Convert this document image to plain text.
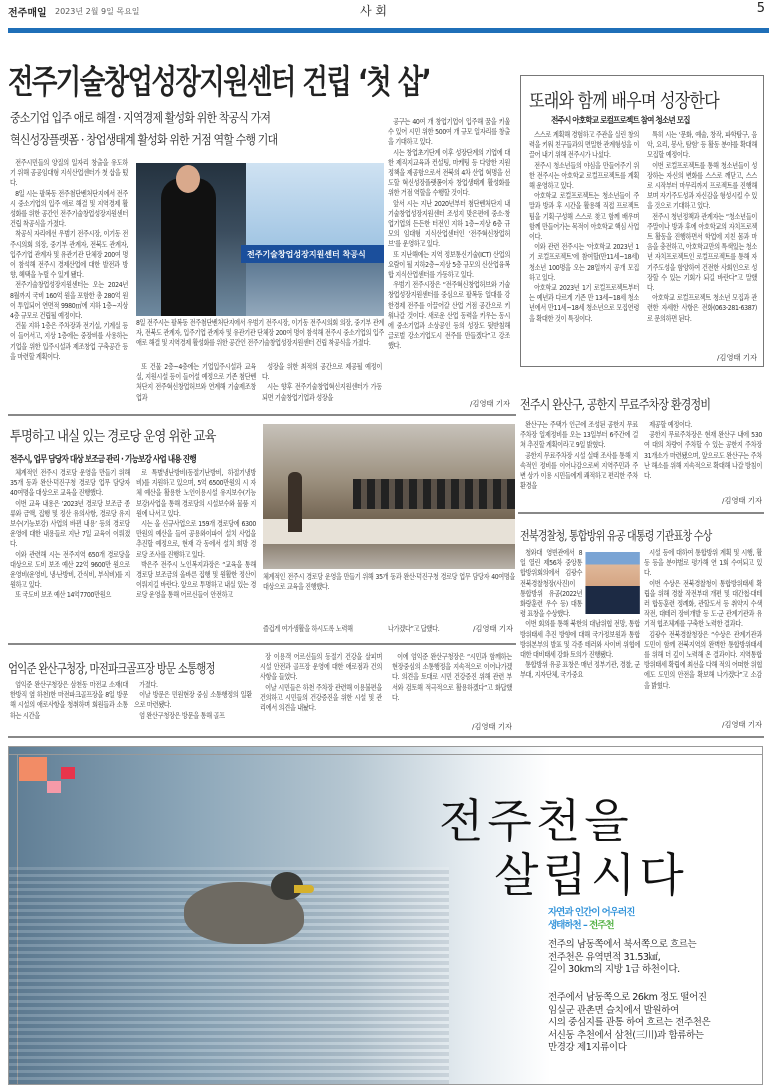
전주매일 2023년 2월 9일 목요일	사 회	5
전주기술창업성장지원센터 건립 ‘첫 삽’
중소기업 입주 애로 해결 · 지역경제 활성화 위한 착공식 가져
혁신성장플랫폼 · 창업생태계 활성화 위한 거점 역할 수행 기대

전주시민들의 양질의 일자리 창출을 유도하기 위해 공공임대형 지식산업센터가 첫 삽을 떴다.

8일 시는 팔복동 전주첨단벤처단지에서 전주시 중소기업의 입주 애로 해결 및 지역경제 활성화를 위한 공간인 전주기술창업성장지원센터 건립 착공식을 가졌다.

착공식 자리에선 우범기 전주시장, 이기동 전주시의회 의장, 중기부 관계자, 전북도 관계자, 입주기업 관계자 및 유관기관 단체장 200여 명이 참석해 전주시 경제산업에 대한 발전과 방향, 혜택을 누릴 수 있게 됐다.

전주기술창업성장지원센터는 오는 2024년 8월까지 국비 160억 원을 포함한 총 280억 원이 투입되어 연면적 9980㎡에 지하 1층~지상 4층 규모로 건립될 예정이다.

건물 지하 1층은 주차장과 전기실, 기계실 등이 들어서고, 지상 1층에는 중장비를 사용하는 기업을 위한 입주시설과 제조창업 구축공간 등을 마련할 계획이다.

전주기술창업성장지원센터 착공식
8일 전주시는 팔복동 전주첨단벤처단지에서 우범기 전주시장, 이기동 전주시의회 의장, 중기부 관계자, 전북도 관계자, 입주기업 관계자 및 유관기관 단체장 200여 명이 참석해 전주시 중소기업의 입주 애로 해결 및 지역경제 활성화를 위한 공간인 전주기술창업성장지원센터 건립 착공식을 가졌다.

또 건물 2층~4층에는 기업입주시설과 교육실, 지원시설 등이 들어설 예정으로 기존 첨단벤처단지 전주혁신창업허브와 연계해 기술제조창업과

성장을 위한 최적의 공간으로 제공될 예정이다.

시는 향후 전주기술창업혁신지원센터가 가동되면 기술창업기업과 성장을

공구는 40여 개 창업기업이 입주해 꿈을 키울 수 있어 시민 위한 500여 개 규모 일자리를 창출을 기대하고 있다.

시는 창업초기단계 이후 성장단계의 기업에 대한 제직지교육과 컨설팅, 마케팅 등 다양한 지원정책을 제공함으로서 전북의 4차 산업 혁명을 선도할 혁신성장플랫폼이자 창업생태계 활성화를 위한 거점 역할을 수행할 것이다.

앞서 시는 지난 2020년부터 첨단벤처단지 내 기술창업성장지원센터 조성지 맞은편에 중소·창업기업의 든든한 터전인 지하 1층~지상 6층 규모의 임대형 지식산업센터인 ‘전주혁신창업허브’를 운영하고 있다.

또 지난해에는 지역 정보통신기술(ICT) 산업의 요람이 될 지하2층~지상 5층 규모의 신산업융복합 지식산업센터를 가동하고 있다.

우범기 전주시장은 “전주혁신창업허브와 기술창업성장지원센터를 중심으로 팔복동 일대를 강한경제 전주를 이끌어갈 산업 거점 공간으로 키워나갈 것이다. 새로운 산업 동력을 키우는 동시에 중소기업과 소상공인 등의 성장도 뒷받침해 글로벌 강소기업도시 전주를 만들겠다”고 강조했다.

/김영태 기자
또래와 함께 배우며 성장한다
전주시 아호학교 로컬프로젝트 참여 청소년 모집

스스로 계획해 경험하고 주관을 실린 창의력을 키워 친구들과의 면밀한 관계형성을 이끌어 내기 위해 전주시가 나섰다.

전주시 청소년들의 야심을 만들어주기 위한 전주시는 아호학교 로컬프로젝트를 계획해 운영하고 있다.

아호학교 로컬프로젝트는 청소년들이 주말과 방과 후 시간을 활용해 직접 프로젝트팀을 기획·구성해 스스로 찾고 함께 배우며 함께 만들어가는 목적이 아호학교 핵심 사업이다.

이와 관련 전주시는 ‘아호학교 2023년 1기 로컬프로젝트’에 참여할(만11세~18세) 청소년 100명을 오는 28일까지 공개 모집하고 있다.

아호학교 2023년 1기 로컬프로젝트부터는 예년과 다르게 기존 만 13세~18세 청소년에서 만11세~18세 청소년으로 모집연령을 확대한 것이 특징이다.

특히 시는 ‘문화, 예술, 창작, 파학탐구, 음악, 요리, 봉사, 탐험’ 등 활동 분야를 확대해 모집할 예정이다.

이번 로컬프로젝트를 통해 청소년들이 성장하는 자신의 변화를 스스로 깨닫고, 스스로 시작부터 마무리까지 프로젝트를 진행해보며 자기주도성과 자신감을 형성시킬 수 있을 것으로 기대하고 있다.

전주시 청년정책과 관계자는 “청소년들이 주말이나 방과 후에 아호학교의 자치프로젝트 활동을 진행하면서 학업에 지친 몸과 마음을 충전하고, 아호학교만의 특색있는 청소년 자치프로젝트인 로컬프로젝트를 통해 자기주도성을 함양하여 건전한 사회인으로 성장할 수 있는 기회가 되길 바란다”고 말했다.

아호학교 로컬프로젝트 청소년 모집과 관련한 자세한 사항은 전화(063-281-6387)로 문의하면 된다.

/김영태 기자
투명하고 내실 있는 경로당 운영 위한 교육
전주시, 업무 담당자 대상 보조금 관리 · 기능보강 사업 내용 진행

체계적인 전주시 경로당 운영을 만들기 위해 35개 동과 완산·덕진구청 경로당 업무 담당자 40여명을 대상으로 교육을 진행했다.

이번 교육 내용은 ‘2023년 경로당 보조금 종류와 금액, 집행 및 정산 유의사항, 경로당 유지보수(기능보강) 사업의 바뀐 내용’ 등의 경로당 운영에 대한 내용들로 지난 7일 교육이 이뤄졌다.

이와 관련해 시는 전주지역 650개 경로당을 대상으로 도비 보조 예산 22억 9600만 원으로 운영비(운영비, 냉·난방비, 간식비, 부식비)를 지원하고 있다.

또 국도비 보조 예산 14억7700만원으

로 특별냉난방비(동절기난방비, 하절기냉방비)를 지원하고 있으며, 5억 6500만원의 시 자체 예산을 활용한 노인이용시설 유지보수(기능보강)사업을 통해 경로당의 시설보수와 물품 지원에 나서고 있다.

시는 올 신규사업으로 159개 경로당에 6300만원의 예산을 들여 공용와이파이 설치 사업을 추진할 예정으로, 현재 각 동에서 설치 희망 경로당 조사를 진행하고 있다.

박은주 전주시 노인복지과장은 “교육을 통해 경로당 보조금의 올바른 집행 및 원활한 정산이 이뤄지길 바란다. 앞으로 투명하고 내실 있는 경로당 운영을 통해 어르신들이 안전하고

체계적인 전주시 경로당 운영을 만들기 위해 35개 동과 완산·덕진구청 경로당 업무 담당자 40여명을 대상으로 교육을 진행했다.
즐겁게 여가생활을 하시도록 노력해	나가겠다”고 답했다.	/김영태 기자
전주시 완산구, 공한지 무료주차장 환경정비

완산구는 주택가 인근에 조성된 공한지 무료주차장 일제정비를 오는 13일부터 6주간에 걸쳐 추진할 계획이라고 9일 밝혔다.

공한지 무료주차장 시설 실태 조사를 통해 지속적인 정비를 이어나감으로써 지역주민과 주변 상가 이용 시민들에게 쾌적하고 편리한 주차환경을

제공할 예정이다.

공한지 무료주차장은 현재 완산구 내에 530여 대의 차량이 주차할 수 있는 공한지 주차장 31개소가 마련됐으며, 앞으로도 완산구는 주차난 해소를 위해 지속적으로 확대해 나갈 방침이다.

/김영태 기자
전북경찰청, 통합방위 유공 대통령 기관표창 수상

청와대 영빈관에서 8일 열린 제56차 중앙통합방위회의에서 김광수 전북경찰청장(사진)이 통합방위 유공(2022년 화랑훈련 우수 등) 대통령 표창을 수상했다.

이번 회의를 통해 북한의 대남위협 전망, 통합방위태세 추진 방향에 대해 국가정보원과 통합방위본부의 발표 및 각종 테러와 사이버 위협에 대한 대비태세 강화 토의가 진행됐다.

통합방위 유공 표창은 매년 정부기관, 경찰, 군부대, 지자단체, 국가중요

시설 등에 대하여 통합방위 계획 및 시행, 활동 등을 분야별로 평가해 연 1회 수여되고 있다.

이번 수상은 전북경찰청이 통합방위태세 확립을 위해 경찰 작전부대 개편 및 대간첩·대테러 합동훈련 정례화, 관할도서 등 취약지 수색작전, 대테러 장비개발 등 도·군 관계기관과 유기적 협조체계를 구축한 노력한 결과다.

김광수 전북경찰청장은 “수상은 관계기관과 도민이 함께 전북지역의 완벽한 통합방위태세를 위해 더 깊이 노력해 온 결과이다. 지역통합방위태세 확립에 최선을 다해 적의 어떠한 위협에도 도민의 안전을 확보해 나가겠다”고 소감을 밝혔다.

/김영태 기자
엄익준 완산구청장, 마전파크골프장 방문 소통행정

엄익준 완산구청장은 삼천동 마전교 소재(대한방직 옆 하천)한 마전파크골프장을 8일 방문해 시설의 애로사항을 청취하며 회원들과 소통하는 시간을

가졌다.

이날 방문은 민원현장 중심 소통행정의 일환으로 마련됐다.

엄 완산구청장은 방문을 통해 골프

장 이용객 어르신들의 동절기 건강을 살피며 시설 안전과 골프장 운영에 대한 애로점과 건의사항을 들었다.

이날 시민들은 하천 주차장 관련해 이용불편을 건의하고 시민들의 건강증진을 위한 시설 및 관리에서 의견을 내놨다.

이에 엄익준 완산구청장은 “시민과 함께하는 현장중심의 소통행정을 지속적으로 이어나가겠다. 의견을 토대로 시민 건강증진 위해 관련 부서와 검토해 적극적으로 활용하겠다”고 화답했다.

/김영태 기자
전주천을
살립시다
자연과 인간이 어우러진
생태하천 – 전주천
전주의 남동쪽에서 북서쪽으로 흐르는
전주천은 유역면적 31.53㎢,
길이 30km의 지방 1급 하천이다.
전주에서 남동쪽으로 26km 정도 떨어진
임실군 관촌면 슬치에서 발원하여
시의 중심지를 관통 하여 흐르는 전주천은
서신동 추천에서 삼천(三川)과 합류하는
만경강 제1지류이다
